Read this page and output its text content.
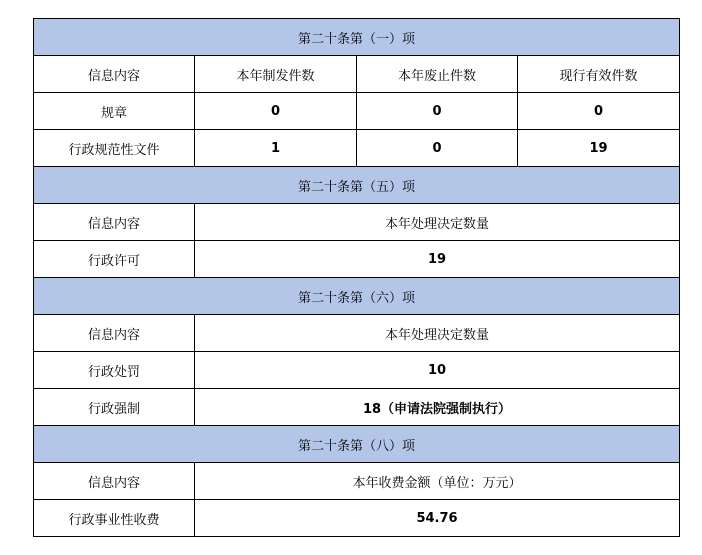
第二十条第（一）项			
信息内容	本年制发件数	本年废止件数	现行有效件数
规章	0	0	0
行政规范性文件	1	0	19
第二十条第（五）项			
信息内容	本年处理决定数量		
行政许可	19		
第二十条第（六）项			
信息内容	本年处理决定数量		
行政处罚	10		
行政强制	18（申请法院强制执行）		
第二十条第（八）项			
信息内容	本年收费金额（单位：万元）		
行政事业性收费	54.76		
